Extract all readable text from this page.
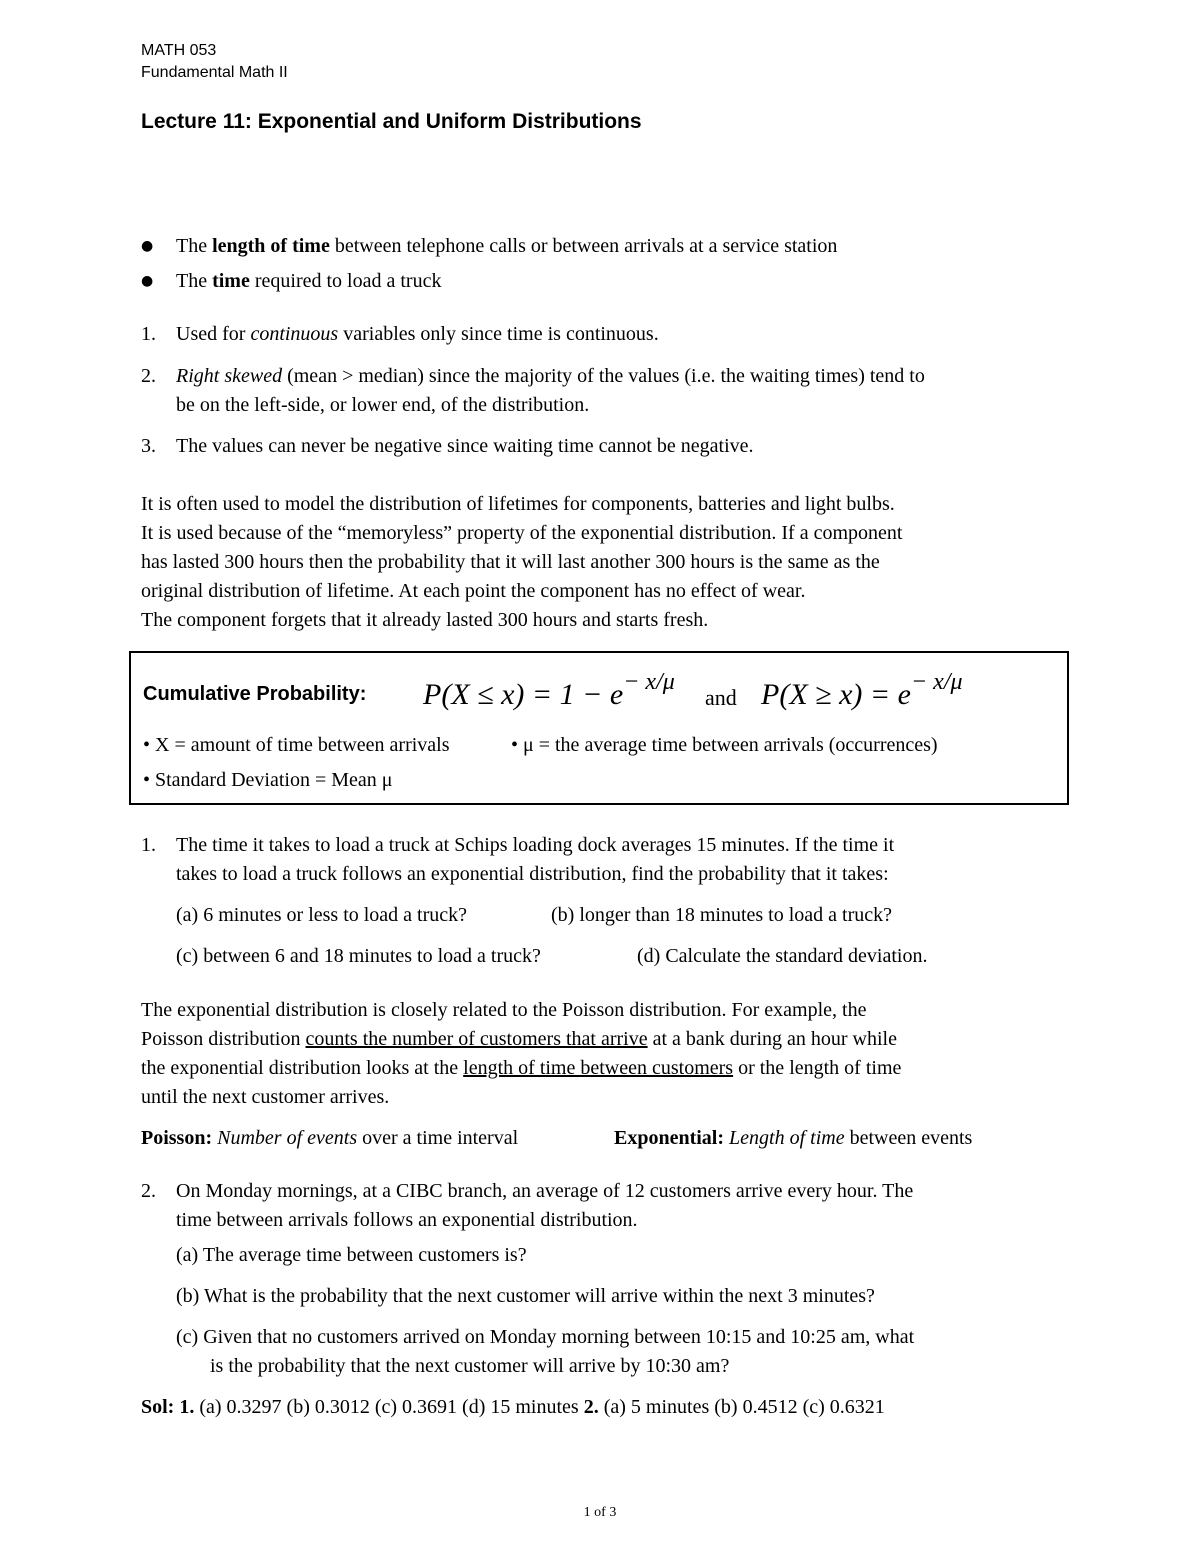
MATH 053
Fundamental Math II
Lecture 11: Exponential and Uniform Distributions
●	The length of time between telephone calls or between arrivals at a service station
●	The time required to load a truck
1. Used for continuous variables only since time is continuous.
2. Right skewed (mean > median) since the majority of the values (i.e. the waiting times) tend to
be on the left-side, or lower end, of the distribution.
3. The values can never be negative since waiting time cannot be negative.
It is often used to model the distribution of lifetimes for components, batteries and light bulbs.
It is used because of the “memoryless” property of the exponential distribution. If a component
has lasted 300 hours then the probability that it will last another 300 hours is the same as the
original distribution of lifetime. At each point the component has no effect of wear.
The component forgets that it already lasted 300 hours and starts fresh.
Cumulative Probability: $P(X \le x) = 1 - e^{- x/\mu}$
and $P(X \ge x) = e^{- x/\mu}$
• X = amount of time between arrivals	• μ = the average time between arrivals (occurrences)
• Standard Deviation = Mean μ
1. The time it takes to load a truck at Schips loading dock averages 15 minutes. If the time it
takes to load a truck follows an exponential distribution, find the probability that it takes:
(a) 6 minutes or less to load a truck?	(b) longer than 18 minutes to load a truck?
(c) between 6 and 18 minutes to load a truck?	(d) Calculate the standard deviation.
The exponential distribution is closely related to the Poisson distribution. For example, the
Poisson distribution counts the number of customers that arrive at a bank during an hour while
the exponential distribution looks at the length of time between customers or the length of time
until the next customer arrives.
Poisson: Number of events over a time interval	Exponential: Length of time between events
2. On Monday mornings, at a CIBC branch, an average of 12 customers arrive every hour. The
time between arrivals follows an exponential distribution.
(a) The average time between customers is?
(b) What is the probability that the next customer will arrive within the next 3 minutes?
(c) Given that no customers arrived on Monday morning between 10:15 and 10:25 am, what
is the probability that the next customer will arrive by 10:30 am?
Sol: 1. (a) 0.3297 (b) 0.3012 (c) 0.3691 (d) 15 minutes 2. (a) 5 minutes (b) 0.4512 (c) 0.6321
1 of 3
